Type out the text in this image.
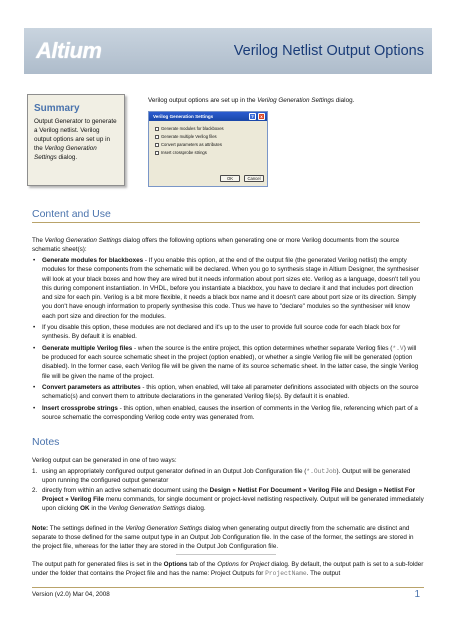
Altium	Verilog Netlist Output Options
Summary
Output Generator to generate a Verilog netlist. Verilog output options are set up in the Verilog Generation Settings dialog.
Verilog output options are set up in the Verilog Generation Settings dialog.
Verilog Generation Settings	?	x
Generate modules for blackboxes
Generate multiple Verilog files
Convert parameters as attributes
Insert crossprobe strings
OK	Cancel
Content and Use
The Verilog Generation Settings dialog offers the following options when generating one or more Verilog documents from the source schematic sheet(s):
• Generate modules for blackboxes - If you enable this option, at the end of the output file (the generated Verilog netlist) the empty modules for these components from the schematic will be declared. When you go to synthesis stage in Altium Designer, the synthesiser will look at your black boxes and how they are wired but it needs information about port sizes etc. Verilog as a language, doesn't tell you this during component instantiation. In VHDL, before you instantiate a blackbox, you have to declare it and that includes port direction and size for each pin. Verilog is a bit more flexible, it needs a black box name and it doesn't care about port size or its direction. Simply you don't have enough information to properly synthesise this code. Thus we have to "declare" modules so the synthesiser will know each port size and direction for the modules.
• If you disable this option, these modules are not declared and it's up to the user to provide full source code for each black box for synthesis. By default it is enabled.
• Generate multiple Verilog files - when the source is the entire project, this option determines whether separate Verilog files (*.V) will be produced for each source schematic sheet in the project (option enabled), or whether a single Verilog file will be generated (option disabled). In the former case, each Verilog file will be given the name of its source schematic sheet. In the latter case, the single Verilog file will be given the name of the project.
• Convert parameters as attributes - this option, when enabled, will take all parameter definitions associated with objects on the source schematic(s) and convert them to attribute declarations in the generated Verilog file(s). By default it is enabled.
• Insert crossprobe strings - this option, when enabled, causes the insertion of comments in the Verilog file, referencing which part of a source schematic the corresponding Verilog code entry was generated from.
Notes
Verilog output can be generated in one of two ways:
1. using an appropriately configured output generator defined in an Output Job Configuration file (*.OutJob). Output will be generated upon running the configured output generator
2. directly from within an active schematic document using the Design » Netlist For Document » Verilog File and Design » Netlist For Project » Verilog File menu commands, for single document or project-level netlisting respectively. Output will be generated immediately upon clicking OK in the Verilog Generation Settings dialog.
Note: The settings defined in the Verilog Generation Settings dialog when generating output directly from the schematic are distinct and separate to those defined for the same output type in an Output Job Configuration file. In the case of the former, the settings are stored in the project file, whereas for the latter they are stored in the Output Job Configuration file.
The output path for generated files is set in the Options tab of the Options for Project dialog. By default, the output path is set to a sub-folder under the folder that contains the Project file and has the name: Project Outputs for ProjectName. The output
Version (v2.0) Mar 04, 2008	1
